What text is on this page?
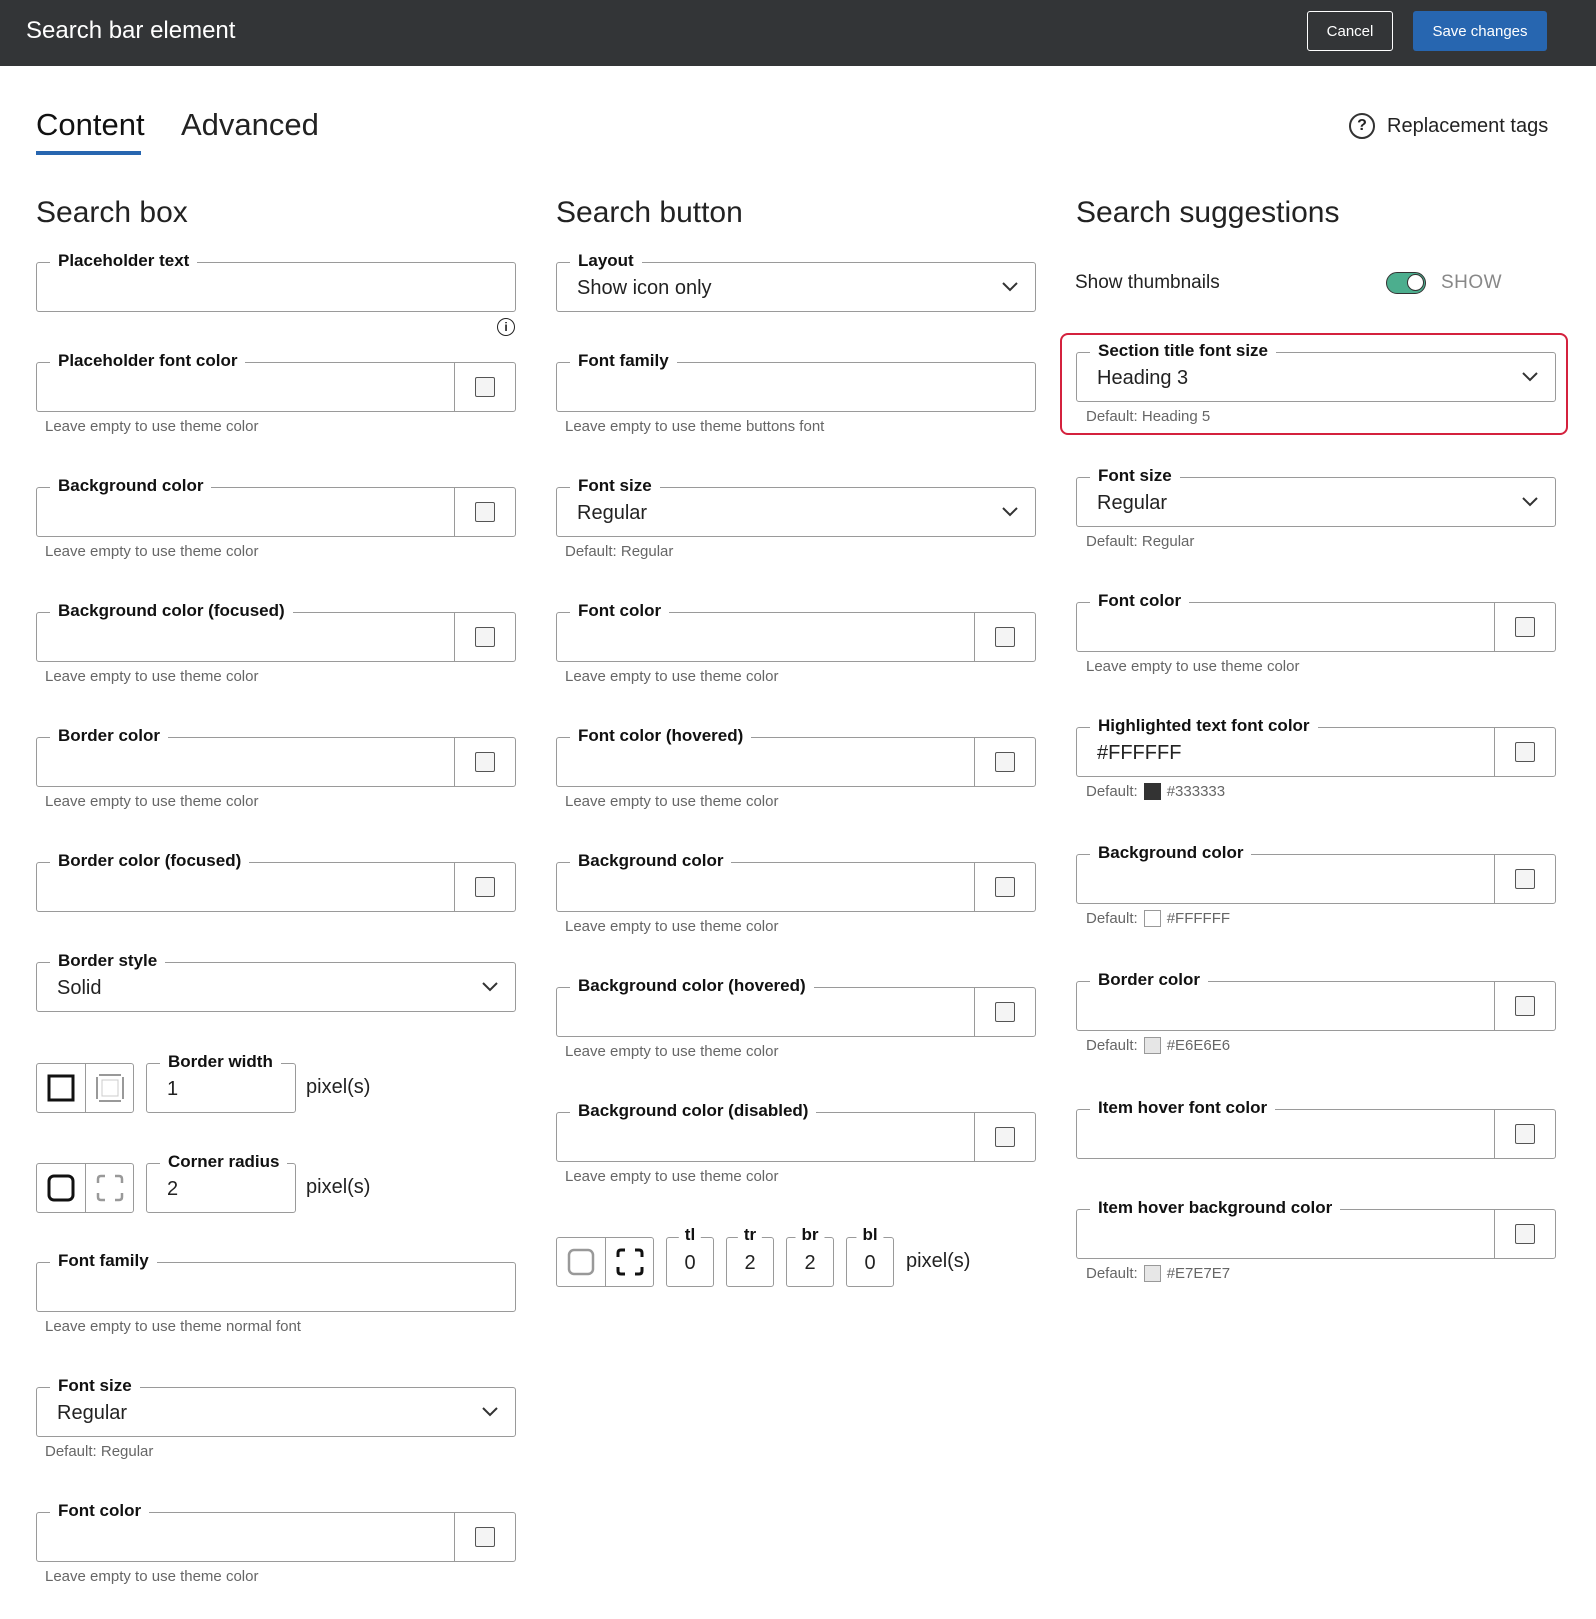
Search bar element	Cancel	Save changes
Content Advanced	?	Replacement tags
Search box
Placeholder text
i
Placeholder font color
Leave empty to use theme color
Background color
Leave empty to use theme color
Background color (focused)
Leave empty to use theme color
Border color
Leave empty to use theme color
Border color (focused)
Border style
Solid
Border width
1	pixel(s)
Corner radius
2	pixel(s)
Font family
Leave empty to use theme normal font
Font size
Regular
Default: Regular
Font color
Leave empty to use theme color
Search button
Layout
Show icon only
Font family
Leave empty to use theme buttons font
Font size
Regular
Default: Regular
Font color
Leave empty to use theme color
Font color (hovered)
Leave empty to use theme color
Background color
Leave empty to use theme color
Background color (hovered)
Leave empty to use theme color
Background color (disabled)
Leave empty to use theme color
tl
0
tr
2
br
2
bl
0	pixel(s)
Search suggestions
Show thumbnails	SHOW
Section title font size
Heading 3
Default: Heading 5
Font size
Regular
Default: Regular
Font color
Leave empty to use theme color
Highlighted text font color
#FFFFFF
Default: #333333
Background color
Default: #FFFFFF
Border color
Default: #E6E6E6
Item hover font color
Item hover background color
Default: #E7E7E7
